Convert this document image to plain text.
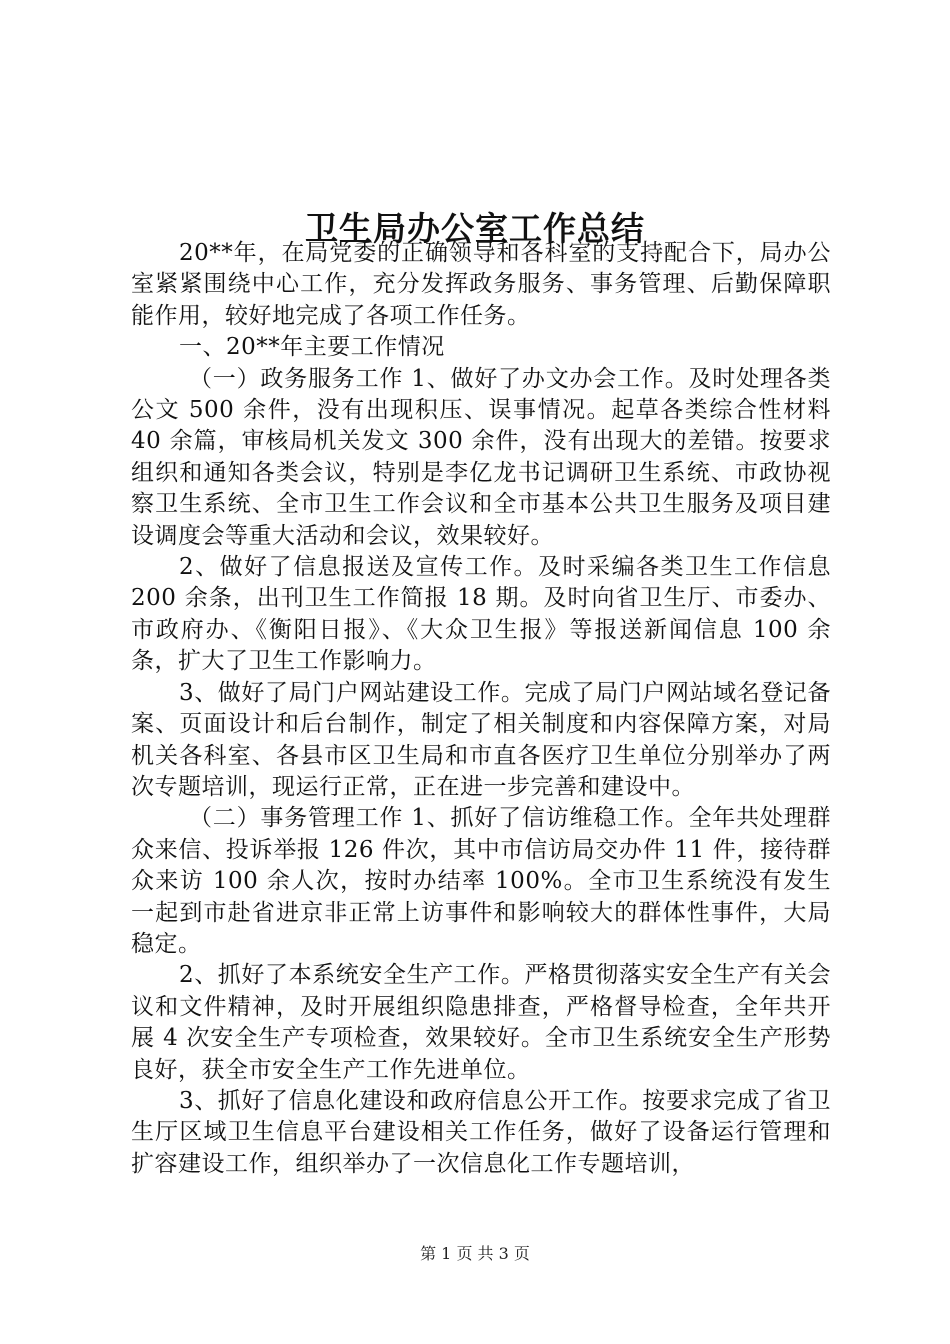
卫生局办公室工作总结

20**年，在局党委的正确领导和各科室的支持配合下，局办公室紧紧围绕中心工作，充分发挥政务服务、事务管理、后勤保障职能作用，较好地完成了各项工作任务。

一、20**年主要工作情况

（一）政务服务工作 1、做好了办文办会工作。及时处理各类公文 500 余件，没有出现积压、误事情况。起草各类综合性材料 40 余篇，审核局机关发文 300 余件，没有出现大的差错。按要求组织和通知各类会议，特别是李亿龙书记调研卫生系统、市政协视察卫生系统、全市卫生工作会议和全市基本公共卫生服务及项目建设调度会等重大活动和会议，效果较好。

2、做好了信息报送及宣传工作。及时采编各类卫生工作信息 200 余条，出刊卫生工作简报 18 期。及时向省卫生厅、市委办、市政府办、《衡阳日报》、《大众卫生报》等报送新闻信息 100 余条，扩大了卫生工作影响力。

3、做好了局门户网站建设工作。完成了局门户网站域名登记备案、页面设计和后台制作，制定了相关制度和内容保障方案，对局机关各科室、各县市区卫生局和市直各医疗卫生单位分别举办了两次专题培训，现运行正常，正在进一步完善和建设中。

（二）事务管理工作 1、抓好了信访维稳工作。全年共处理群众来信、投诉举报 126 件次，其中市信访局交办件 11 件，接待群众来访 100 余人次，按时办结率 100%。全市卫生系统没有发生一起到市赴省进京非正常上访事件和影响较大的群体性事件，大局稳定。

2、抓好了本系统安全生产工作。严格贯彻落实安全生产有关会议和文件精神，及时开展组织隐患排查，严格督导检查，全年共开展 4 次安全生产专项检查，效果较好。全市卫生系统安全生产形势良好，获全市安全生产工作先进单位。

3、抓好了信息化建设和政府信息公开工作。按要求完成了省卫生厅区域卫生信息平台建设相关工作任务，做好了设备运行管理和扩容建设工作，组织举办了一次信息化工作专题培训，

第 1 页 共 3 页
